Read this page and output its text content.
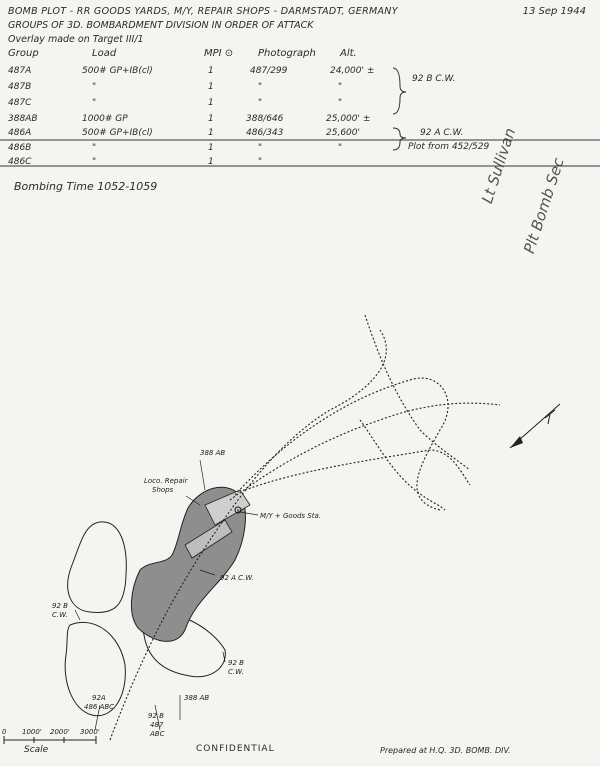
BOMB PLOT - RR GOODS YARDS, M/Y, REPAIR SHOPS - DARMSTADT, GERMANY	13 Sep 1944
GROUPS OF 3D. BOMBARDMENT DIVISION IN ORDER OF ATTACK
Overlay made on Target III/1
Group	Load	MPI ⊙ Photograph Alt.
487A	500# GP+IB(cl)	1	487/299	24,000' ±
487B	"	1	"	"
487C	"	1	"	"
388AB	1000# GP	1	388/646	25,000' ±
486A	500# GP+IB(cl)	1	486/343	25,600'
486B	"	1	"	"
486C	"	1	"
92 B C.W.
92 A C.W.
Plot from 452/529
Bombing Time 1052-1059	Lt Sullivan Plt Bomb Sec
388 AB
Loco. Repair
Shops
M/Y + Goods Sta.
92 A C.W.
92 B
C.W.
92 B
C.W.
92A
486 ABC
92 B
487
ABC
388 AB
0 1000' 2000' 3000'
Scale	CONFIDENTIAL	Prepared at H.Q. 3D. BOMB. DIV.
